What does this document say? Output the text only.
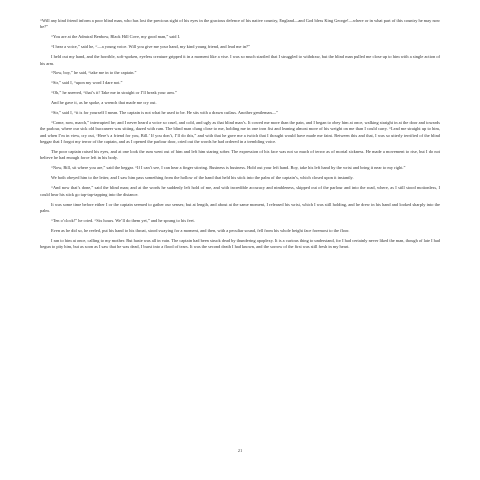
“Will any kind friend inform a poor blind man, who has lost the precious sight of his eyes in the gracious defence of his native country, England—and God bless King George!—where or in what part of this country he may now be?”

“You are at the Admiral Benbow, Black Hill Cove, my good man,” said I.

“I hear a voice,” said he, “—a young voice. Will you give me your hand, my kind young friend, and lead me in?”

I held out my hand, and the horrible, soft-spoken, eyeless creature gripped it in a moment like a vise. I was so much startled that I struggled to withdraw, but the blind man pulled me close up to him with a single action of his arm.

“Now, boy,” he said, “take me in to the captain.”

“Sir,” said I, “upon my word I dare not.”

“Oh,” he sneered, “that’s it! Take me in straight or I’ll break your arm.”

And he gave it, as he spoke, a wrench that made me cry out.

“Sir,” said I, “it is for yourself I mean. The captain is not what he used to be. He sits with a drawn cutlass. Another gentleman—”

“Come, now, march,” interrupted he; and I never heard a voice so cruel, and cold, and ugly as that blind man’s. It cowed me more than the pain, and I began to obey him at once, walking straight in at the door and towards the parlour, where our sick old buccaneer was sitting, dazed with rum. The blind man clung close to me, holding me in one iron fist and leaning almost more of his weight on me than I could carry. “Lead me straight up to him, and when I’m in view, cry out, ‘Here’s a friend for you, Bill.’ If you don’t, I’ll do this,” and with that he gave me a twitch that I thought would have made me faint. Between this and that, I was so utterly terrified of the blind beggar that I forgot my terror of the captain, and as I opened the parlour door, cried out the words he had ordered in a trembling voice.

The poor captain raised his eyes, and at one look the rum went out of him and left him staring sober. The expression of his face was not so much of terror as of mortal sickness. He made a movement to rise, but I do not believe he had enough force left in his body.

“Now, Bill, sit where you are,” said the beggar. “If I can’t see, I can hear a finger stirring. Business is business. Hold out your left hand. Boy, take his left hand by the wrist and bring it near to my right.”

We both obeyed him to the letter, and I saw him pass something from the hollow of the hand that held his stick into the palm of the captain’s, which closed upon it instantly.

“And now that’s done,” said the blind man; and at the words he suddenly left hold of me, and with incredible accuracy and nimbleness, skipped out of the parlour and into the road, where, as I still stood motionless, I could hear his stick go tap-tap-tapping into the distance.

It was some time before either I or the captain seemed to gather our senses; but at length, and about at the same moment, I released his wrist, which I was still holding, and he drew in his hand and looked sharply into the palm.

“Ten o’clock!” he cried. “Six hours. We’ll do them yet,” and he sprang to his feet.

Even as he did so, he reeled, put his hand to his throat, stood swaying for a moment, and then, with a peculiar sound, fell from his whole height face foremost to the floor.

I ran to him at once, calling to my mother. But haste was all in vain. The captain had been struck dead by thundering apoplexy. It is a curious thing to understand, for I had certainly never liked the man, though of late I had begun to pity him, but as soon as I saw that he was dead, I burst into a flood of tears. It was the second death I had known, and the sorrow of the first was still fresh in my heart.

21
